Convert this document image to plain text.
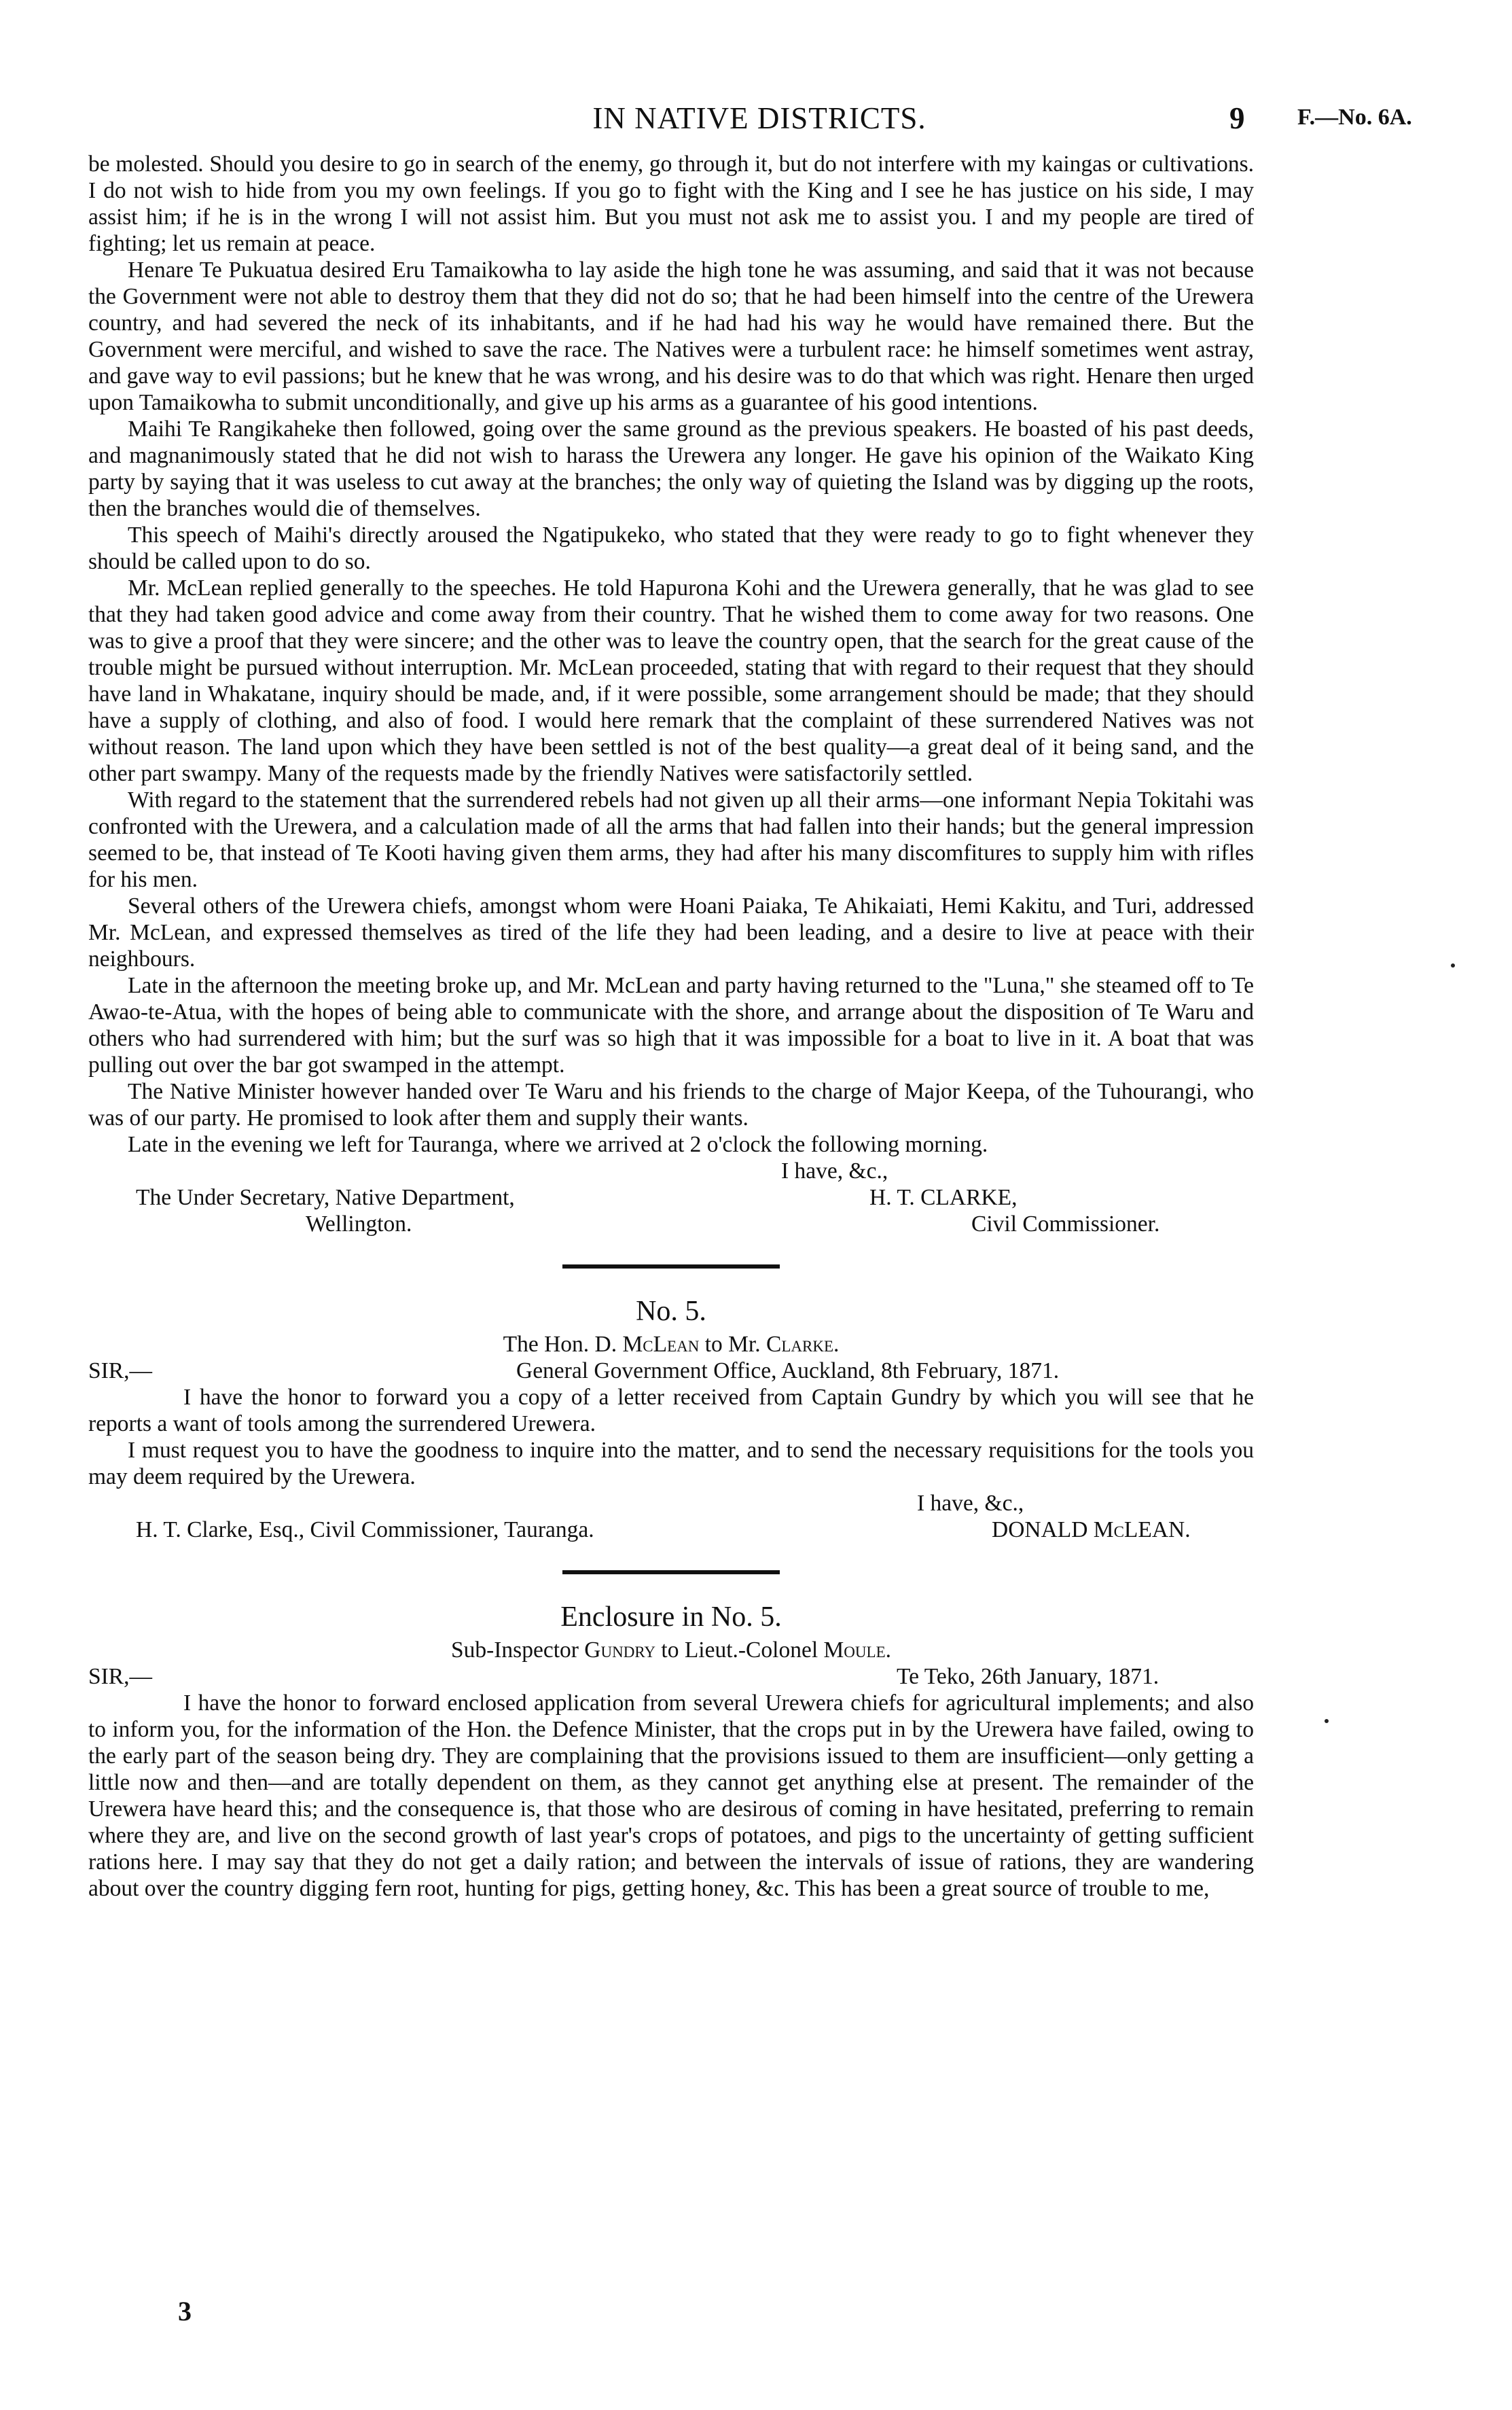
IN NATIVE DISTRICTS.	9 F.—No. 6A.

be molested. Should you desire to go in search of the enemy, go through it, but do not interfere with my kaingas or cultivations. I do not wish to hide from you my own feelings. If you go to fight with the King and I see he has justice on his side, I may assist him; if he is in the wrong I will not assist him. But you must not ask me to assist you. I and my people are tired of fighting; let us remain at peace.

Henare Te Pukuatua desired Eru Tamaikowha to lay aside the high tone he was assuming, and said that it was not because the Government were not able to destroy them that they did not do so; that he had been himself into the centre of the Urewera country, and had severed the neck of its inhabitants, and if he had had his way he would have remained there. But the Government were merciful, and wished to save the race. The Natives were a turbulent race: he himself sometimes went astray, and gave way to evil passions; but he knew that he was wrong, and his desire was to do that which was right. Henare then urged upon Tamaikowha to submit unconditionally, and give up his arms as a guarantee of his good intentions.

Maihi Te Rangikaheke then followed, going over the same ground as the previous speakers. He boasted of his past deeds, and magnanimously stated that he did not wish to harass the Urewera any longer. He gave his opinion of the Waikato King party by saying that it was useless to cut away at the branches; the only way of quieting the Island was by digging up the roots, then the branches would die of themselves.

This speech of Maihi's directly aroused the Ngatipukeko, who stated that they were ready to go to fight whenever they should be called upon to do so.

Mr. McLean replied generally to the speeches. He told Hapurona Kohi and the Urewera generally, that he was glad to see that they had taken good advice and come away from their country. That he wished them to come away for two reasons. One was to give a proof that they were sincere; and the other was to leave the country open, that the search for the great cause of the trouble might be pursued without interruption. Mr. McLean proceeded, stating that with regard to their request that they should have land in Whakatane, inquiry should be made, and, if it were possible, some arrangement should be made; that they should have a supply of clothing, and also of food. I would here remark that the complaint of these surrendered Natives was not without reason. The land upon which they have been settled is not of the best quality—a great deal of it being sand, and the other part swampy. Many of the requests made by the friendly Natives were satisfactorily settled.

With regard to the statement that the surrendered rebels had not given up all their arms—one informant Nepia Tokitahi was confronted with the Urewera, and a calculation made of all the arms that had fallen into their hands; but the general impression seemed to be, that instead of Te Kooti having given them arms, they had after his many discomfitures to supply him with rifles for his men.

Several others of the Urewera chiefs, amongst whom were Hoani Paiaka, Te Ahikaiati, Hemi Kakitu, and Turi, addressed Mr. McLean, and expressed themselves as tired of the life they had been leading, and a desire to live at peace with their neighbours.

Late in the afternoon the meeting broke up, and Mr. McLean and party having returned to the "Luna," she steamed off to Te Awao-te-Atua, with the hopes of being able to communicate with the shore, and arrange about the disposition of Te Waru and others who had surrendered with him; but the surf was so high that it was impossible for a boat to live in it. A boat that was pulling out over the bar got swamped in the attempt.

The Native Minister however handed over Te Waru and his friends to the charge of Major Keepa, of the Tuhourangi, who was of our party. He promised to look after them and supply their wants.

Late in the evening we left for Tauranga, where we arrived at 2 o'clock the following morning.

I have, &c.,
The Under Secretary, Native Department,	H. T. CLARKE,
Wellington.	Civil Commissioner.
No. 5.
The Hon. D. McLean to Mr. Clarke.
SIR,—	General Government Office, Auckland, 8th February, 1871.

I have the honor to forward you a copy of a letter received from Captain Gundry by which you will see that he reports a want of tools among the surrendered Urewera.

I must request you to have the goodness to inquire into the matter, and to send the necessary requisitions for the tools you may deem required by the Urewera.

I have, &c.,
H. T. Clarke, Esq., Civil Commissioner, Tauranga.	DONALD McLEAN.
Enclosure in No. 5.
Sub-Inspector Gundry to Lieut.-Colonel Moule.
SIR,—	Te Teko, 26th January, 1871.

I have the honor to forward enclosed application from several Urewera chiefs for agricultural implements; and also to inform you, for the information of the Hon. the Defence Minister, that the crops put in by the Urewera have failed, owing to the early part of the season being dry. They are complaining that the provisions issued to them are insufficient—only getting a little now and then—and are totally dependent on them, as they cannot get anything else at present. The remainder of the Urewera have heard this; and the consequence is, that those who are desirous of coming in have hesitated, preferring to remain where they are, and live on the second growth of last year's crops of potatoes, and pigs to the uncertainty of getting sufficient rations here. I may say that they do not get a daily ration; and between the intervals of issue of rations, they are wandering about over the country digging fern root, hunting for pigs, getting honey, &c. This has been a great source of trouble to me,

3
